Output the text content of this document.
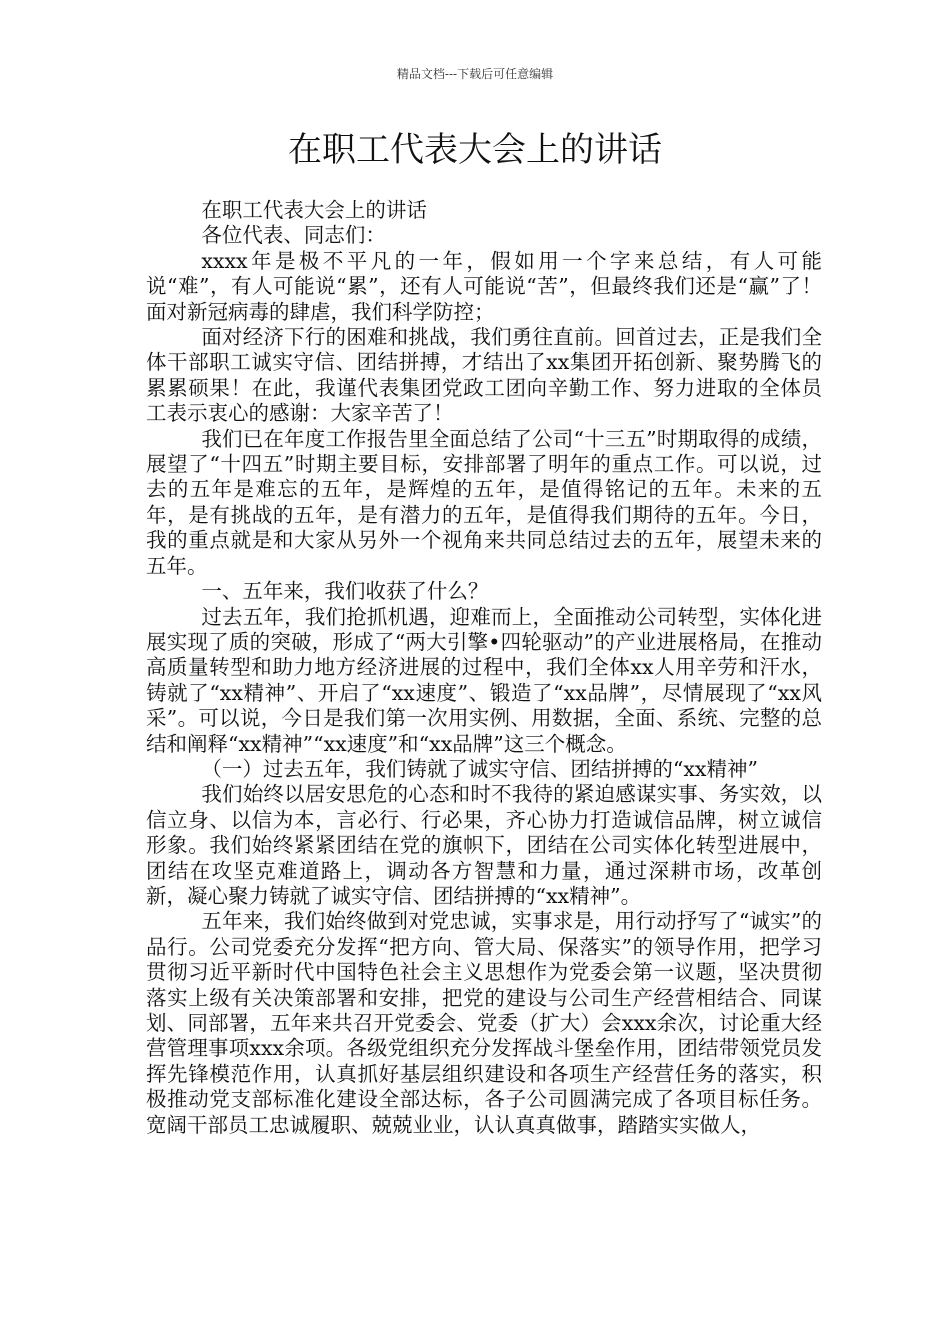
精品文档---下载后可任意编辑
在职工代表大会上的讲话

在职工代表大会上的讲话

各位代表、同志们：

xxxx年是极不平凡的一年，假如用一个字来总结，有人可能说“难”，有人可能说“累”，还有人可能说“苦”，但最终我们还是“赢”了！面对新冠病毒的肆虐，我们科学防控；

面对经济下行的困难和挑战，我们勇往直前。回首过去，正是我们全体干部职工诚实守信、团结拼搏，才结出了xx集团开拓创新、聚势腾飞的累累硕果！在此，我谨代表集团党政工团向辛勤工作、努力进取的全体员工表示衷心的感谢：大家辛苦了！

我们已在年度工作报告里全面总结了公司“十三五”时期取得的成绩，展望了“十四五”时期主要目标，安排部署了明年的重点工作。可以说，过去的五年是难忘的五年，是辉煌的五年，是值得铭记的五年。未来的五年，是有挑战的五年，是有潜力的五年，是值得我们期待的五年。今日，我的重点就是和大家从另外一个视角来共同总结过去的五年，展望未来的五年。

一、五年来，我们收获了什么？

过去五年，我们抢抓机遇，迎难而上，全面推动公司转型，实体化进展实现了质的突破，形成了“两大引擎•四轮驱动”的产业进展格局，在推动高质量转型和助力地方经济进展的过程中，我们全体xx人用辛劳和汗水，铸就了“xx精神”、开启了“xx速度”、锻造了“xx品牌”，尽情展现了“xx风采”。可以说，今日是我们第一次用实例、用数据，全面、系统、完整的总结和阐释“xx精神”“xx速度”和“xx品牌”这三个概念。

（一）过去五年，我们铸就了诚实守信、团结拼搏的“xx精神”

我们始终以居安思危的心态和时不我待的紧迫感谋实事、务实效，以信立身、以信为本，言必行、行必果，齐心协力打造诚信品牌，树立诚信形象。我们始终紧紧团结在党的旗帜下，团结在公司实体化转型进展中，团结在攻坚克难道路上，调动各方智慧和力量，通过深耕市场，改革创新，凝心聚力铸就了诚实守信、团结拼搏的“xx精神”。

五年来，我们始终做到对党忠诚，实事求是，用行动抒写了“诚实”的品行。公司党委充分发挥“把方向、管大局、保落实”的领导作用，把学习贯彻习近平新时代中国特色社会主义思想作为党委会第一议题，坚决贯彻落实上级有关决策部署和安排，把党的建设与公司生产经营相结合、同谋划、同部署，五年来共召开党委会、党委（扩大）会xxx余次，讨论重大经营管理事项xxx余项。各级党组织充分发挥战斗堡垒作用，团结带领党员发挥先锋模范作用，认真抓好基层组织建设和各项生产经营任务的落实，积极推动党支部标准化建设全部达标，各子公司圆满完成了各项目标任务。宽阔干部员工忠诚履职、兢兢业业，认认真真做事，踏踏实实做人，
